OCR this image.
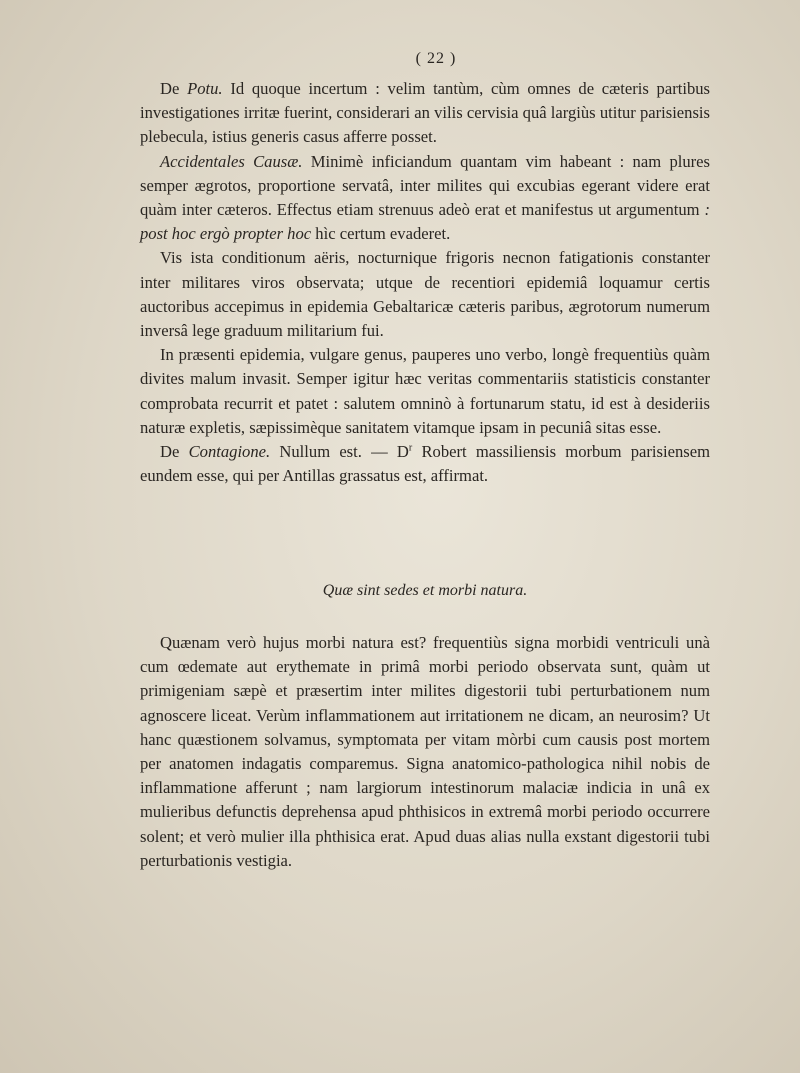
( 22 )

De Potu. Id quoque incertum : velim tantùm, cùm omnes de cæteris partibus investigationes irritæ fuerint, considerari an vilis cervisia quâ largiùs utitur parisiensis plebecula, istius generis casus afferre posset.

Accidentales Causæ. Minimè inficiandum quantam vim habeant : nam plures semper ægrotos, proportione servatâ, inter milites qui excubias egerant videre erat quàm inter cæteros. Effectus etiam strenuus adeò erat et manifestus ut argumentum : post hoc ergò propter hoc hìc certum evaderet.

Vis ista conditionum aëris, nocturnique frigoris necnon fatigationis constanter inter militares viros observata; utque de recentiori epidemiâ loquamur certis auctoribus accepimus in epidemia Gebaltaricæ cæteris paribus, ægrotorum numerum inversâ lege graduum militarium fui.

In præsenti epidemia, vulgare genus, pauperes uno verbo, longè frequentiùs quàm divites malum invasit. Semper igitur hæc veritas commentariis statisticis constanter comprobata recurrit et patet : salutem omninò à fortunarum statu, id est à desideriis naturæ expletis, sæpissimèque sanitatem vitamque ipsam in pecuniâ sitas esse.

De Contagione. Nullum est. — $D^r$ Robert massiliensis morbum parisiensem eundem esse, qui per Antillas grassatus est, affirmat.

Quæ sint sedes et morbi natura.

Quænam verò hujus morbi natura est? frequentiùs signa morbidi ventriculi unà cum œdemate aut erythemate in primâ morbi periodo observata sunt, quàm ut primigeniam sæpè et præsertim inter milites digestorii tubi perturbationem num agnoscere liceat. Verùm inflammationem aut irritationem ne dicam, an neurosim? Ut hanc quæstionem solvamus, symptomata per vitam mòrbi cum causis post mortem per anatomen indagatis comparemus. Signa anatomico-pathologica nihil nobis de inflammatione afferunt ; nam largiorum intestinorum malaciæ indicia in unâ ex mulieribus defunctis deprehensa apud phthisicos in extremâ morbi periodo occurrere solent; et verò mulier illa phthisica erat. Apud duas alias nulla exstant digestorii tubi perturbationis vestigia.
